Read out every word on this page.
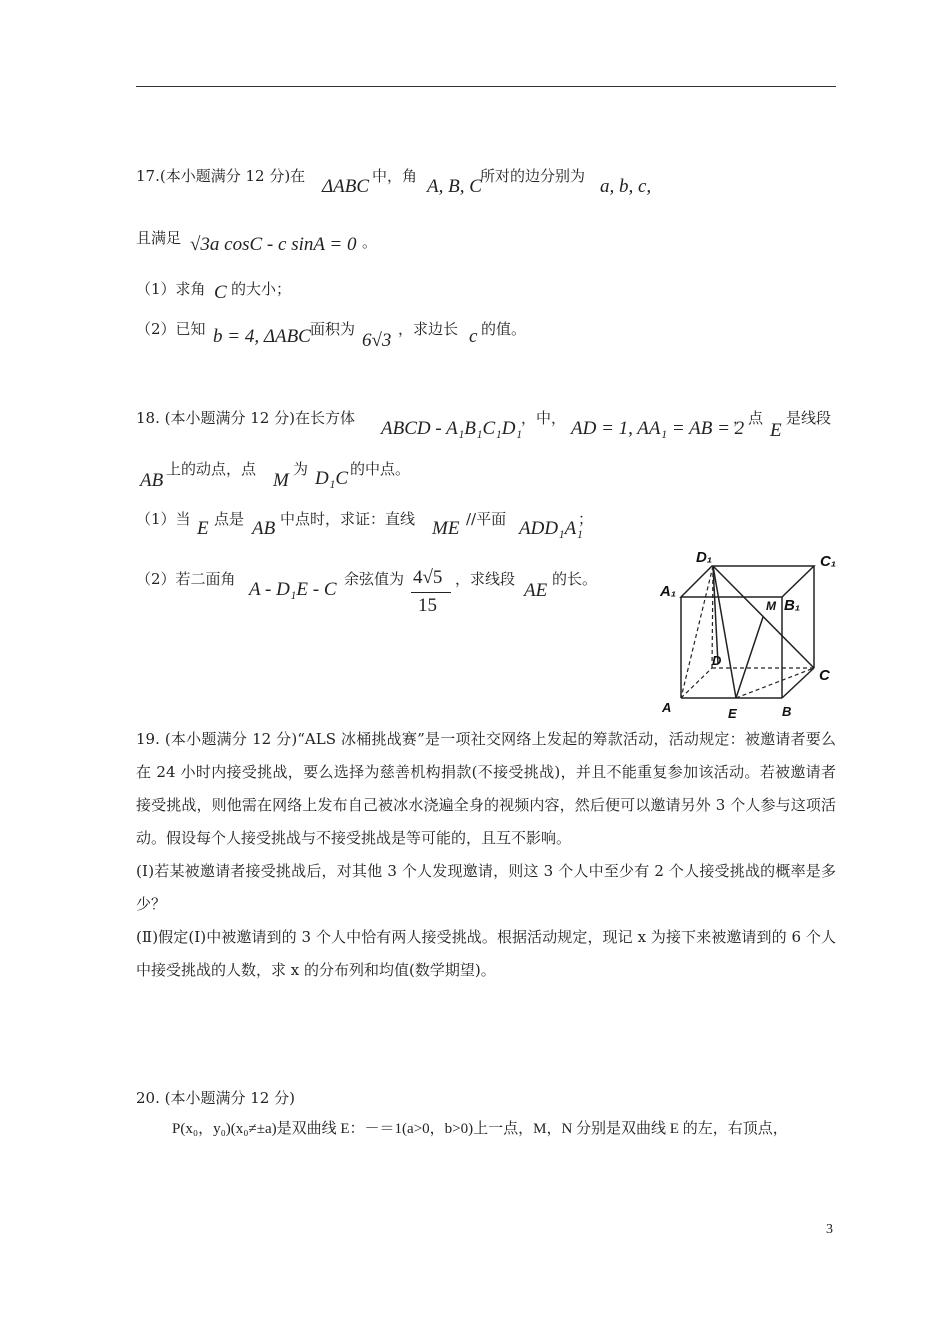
17.(本小题满分 12 分)在 ΔABC 中，角 A, B, C
所对的边分别为 a, b, c,
且满足 √3a cosC - c sinA = 0 。
（1）求角 C 的大小；
（2）已知 b = 4, ΔABC 面积为
6√3
，求边长 c 的值。
18. (本小题满分 12 分)在长方体 ABCD - A₁B₁C₁D₁
，中， AD = 1, AA₁ = AB = 2
，点
E
是线段
AB
上的动点，点
M
为 D₁C 的中点。
（1）当 E 点是 AB 中点时，求证：直线 ME //平面 ADD₁A₁
；
（2）若二面角 A - D₁E - C 余弦值为 4√5
15
，求线段
AE
的长。
D₁	C₁
A₁
M B₁
D
C
A	E	B

19. (本小题满分 12 分)“ALS 冰桶挑战赛”是一项社交网络上发起的筹款活动，活动规定：被邀请者要么在 24 小时内接受挑战，要么选择为慈善机构捐款(不接受挑战)，并且不能重复参加该活动。若被邀请者接受挑战，则他需在网络上发布自己被冰水浇遍全身的视频内容，然后便可以邀请另外 3 个人参与这项活动。假设每个人接受挑战与不接受挑战是等可能的，且互不影响。

(Ⅰ)若某被邀请者接受挑战后，对其他 3 个人发现邀请，则这 3 个人中至少有 2 个人接受挑战的概率是多少？

(Ⅱ)假定(Ⅰ)中被邀请到的 3 个人中恰有两人接受挑战。根据活动规定，现记 x 为接下来被邀请到的 6 个人中接受挑战的人数，求 x 的分布列和均值(数学期望)。

20. (本小题满分 12 分)
P(x₀，y₀)(x₀≠±a)是双曲线 E：－＝1(a>0，b>0)上一点，M，N 分别是双曲线 E 的左，右顶点，
3
